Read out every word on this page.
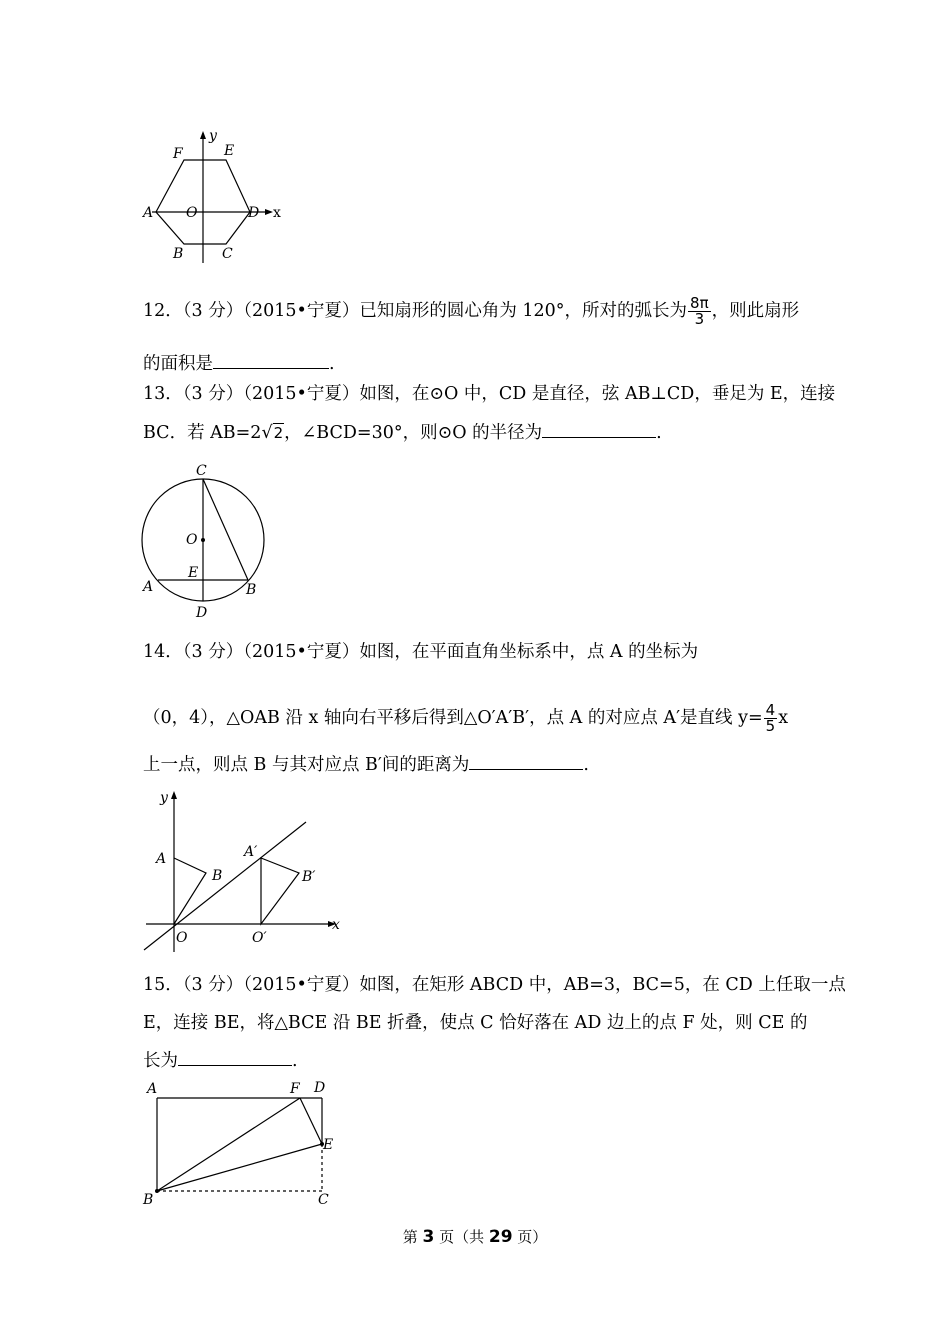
y
F	E
A O	D x
B	C
12．（3 分）（2015•宁夏）已知扇形的圆心角为 120°，所对的弧长为 $\frac{8\pi}{3}$ ，则此扇形
的面积是	.
13．（3 分）（2015•宁夏）如图，在⊙O 中，CD 是直径，弦 AB⊥CD，垂足为 E，连接
BC．若 AB=2√2，∠BCD=30°，则⊙O 的半径为	.
C
O
E
A	B
D
14．（3 分）（2015•宁夏）如图，在平面直角坐标系中，点 A 的坐标为
（0，4），△OAB 沿 x 轴向右平移后得到△O′A′B′，点 A 的对应点 A′是直线 $y= \frac{4}{5}$ x
上一点，则点 B 与其对应点 B′间的距离为	.
y
A
B
A′
B′
O	O′
x
15．（3 分）（2015•宁夏）如图，在矩形 ABCD 中，AB=3，BC=5，在 CD 上任取一点
E，连接 BE，将△BCE 沿 BE 折叠，使点 C 恰好落在 AD 边上的点 F 处，则 CE 的
长为	.
A	F D
E
B	C
第 3 页（共 29 页）
